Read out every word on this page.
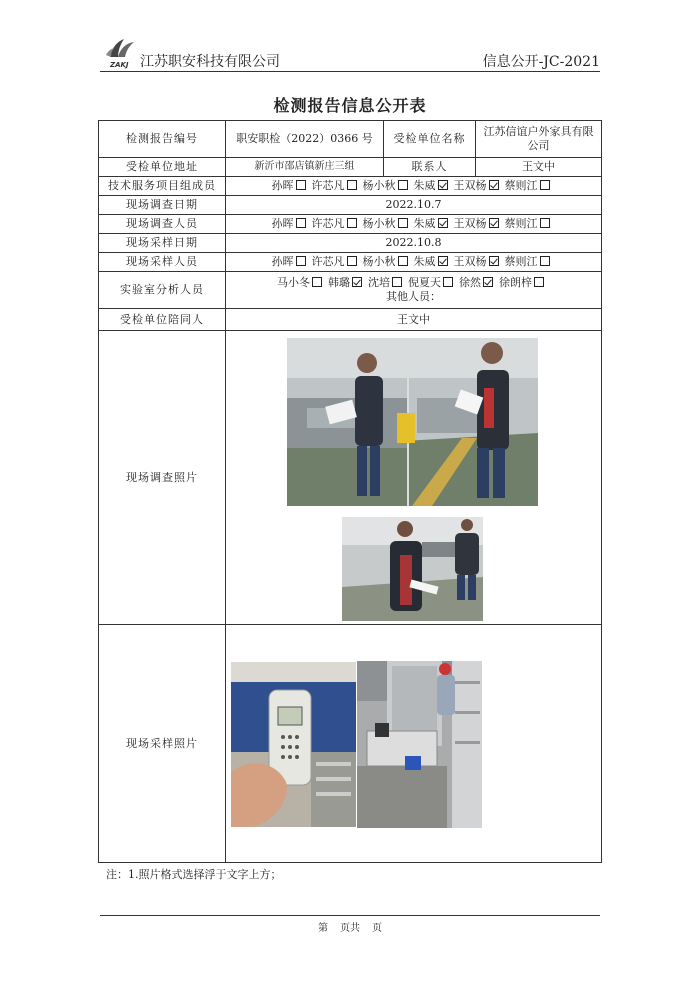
ZAKJ 江苏职安科技有限公司	信息公开-JC-2021
检测报告信息公开表
检测报告编号	职安职检（2022）0366 号	受检单位名称	江苏信谊户外家具有限公司
受检单位地址	新沂市邵店镇新庄三组	联系人	王文中
技术服务项目组成员	孙晖 许芯凡 杨小秋 朱威 王双杨 蔡则江		
现场调查日期	2022.10.7		
现场调查人员	孙晖 许芯凡 杨小秋 朱威 王双杨 蔡则江		
现场采样日期	2022.10.8		
现场采样人员	孙晖 许芯凡 杨小秋 朱威 王双杨 蔡则江		
实验室分析人员	马小冬 韩璐 沈培 倪夏天 徐然 徐朗梓
其他人员：		

受检单位陪同人	王文中		
现场调查照片			
现场采样照片			
注：1.照片格式选择浮于文字上方；
第 页共 页
